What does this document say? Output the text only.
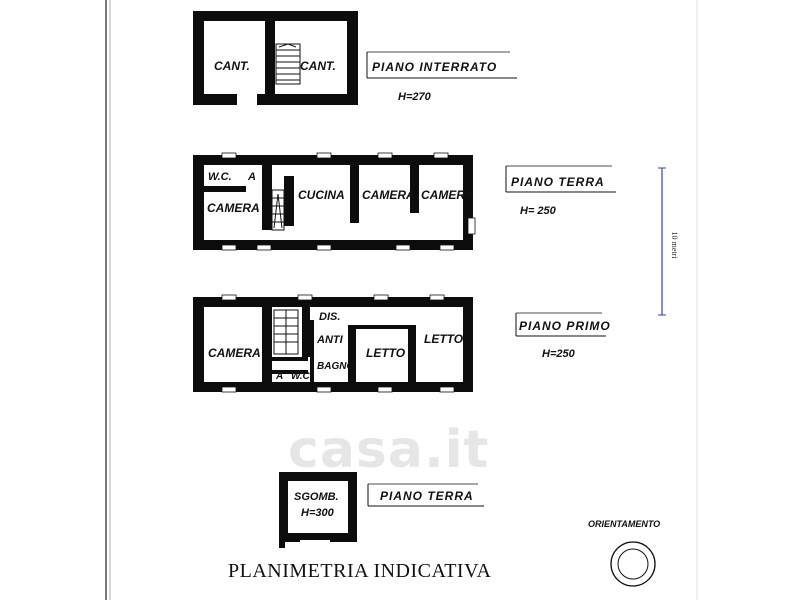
CANT.	CANT.	PIANO INTERRATO
H=270
W.C. A
CAMERA
CUCINA CAMERA CAMERA
PIANO TERRA
H= 250
CAMERA
DIS.
ANTI
BAGNO
A W.C.
LETTO
LETTO
PIANO PRIMO
H=250
SGOMB.
H=300
PIANO TERRA
10 metri
casa.it
ORIENTAMENTO
PLANIMETRIA INDICATIVA
